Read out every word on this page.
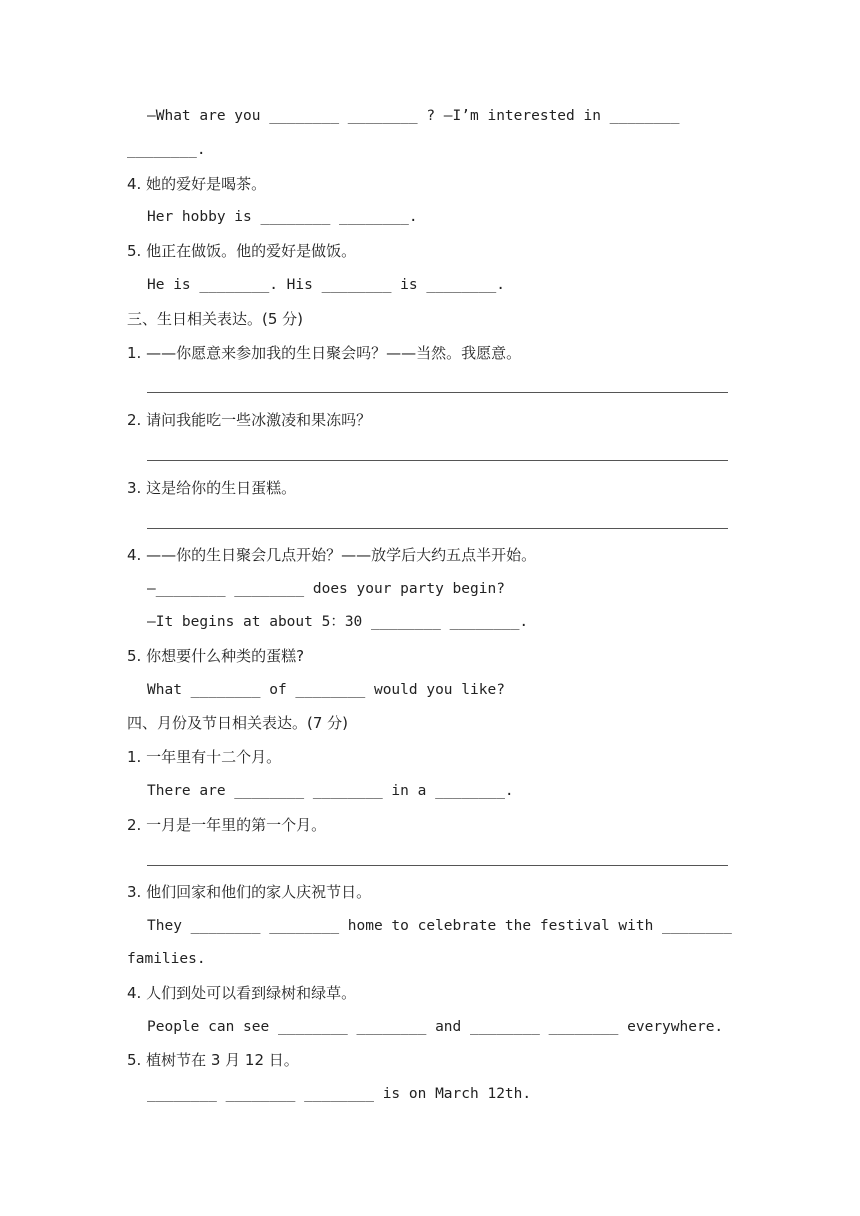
—What are you ________ ________ ? —I’m interested in ________
________.
4. 她的爱好是喝茶。
Her hobby is ________ ________.
5. 他正在做饭。他的爱好是做饭。
He is ________. His ________ is ________.
三、生日相关表达。(5 分)
1. ——你愿意来参加我的生日聚会吗？——当然。我愿意。
2. 请问我能吃一些冰激凌和果冻吗？
3. 这是给你的生日蛋糕。
4. ——你的生日聚会几点开始？——放学后大约五点半开始。
—________ ________ does your party begin?
—It begins at about 5：30 ________ ________.
5. 你想要什么种类的蛋糕?
What ________ of ________ would you like?
四、月份及节日相关表达。(7 分)
1. 一年里有十二个月。
There are ________ ________ in a ________.
2. 一月是一年里的第一个月。
3. 他们回家和他们的家人庆祝节日。
They ________ ________ home to celebrate the festival with ________
families.
4. 人们到处可以看到绿树和绿草。
People can see ________ ________ and ________ ________ everywhere.
5. 植树节在 3 月 12 日。
________ ________ ________ is on March 12th.
